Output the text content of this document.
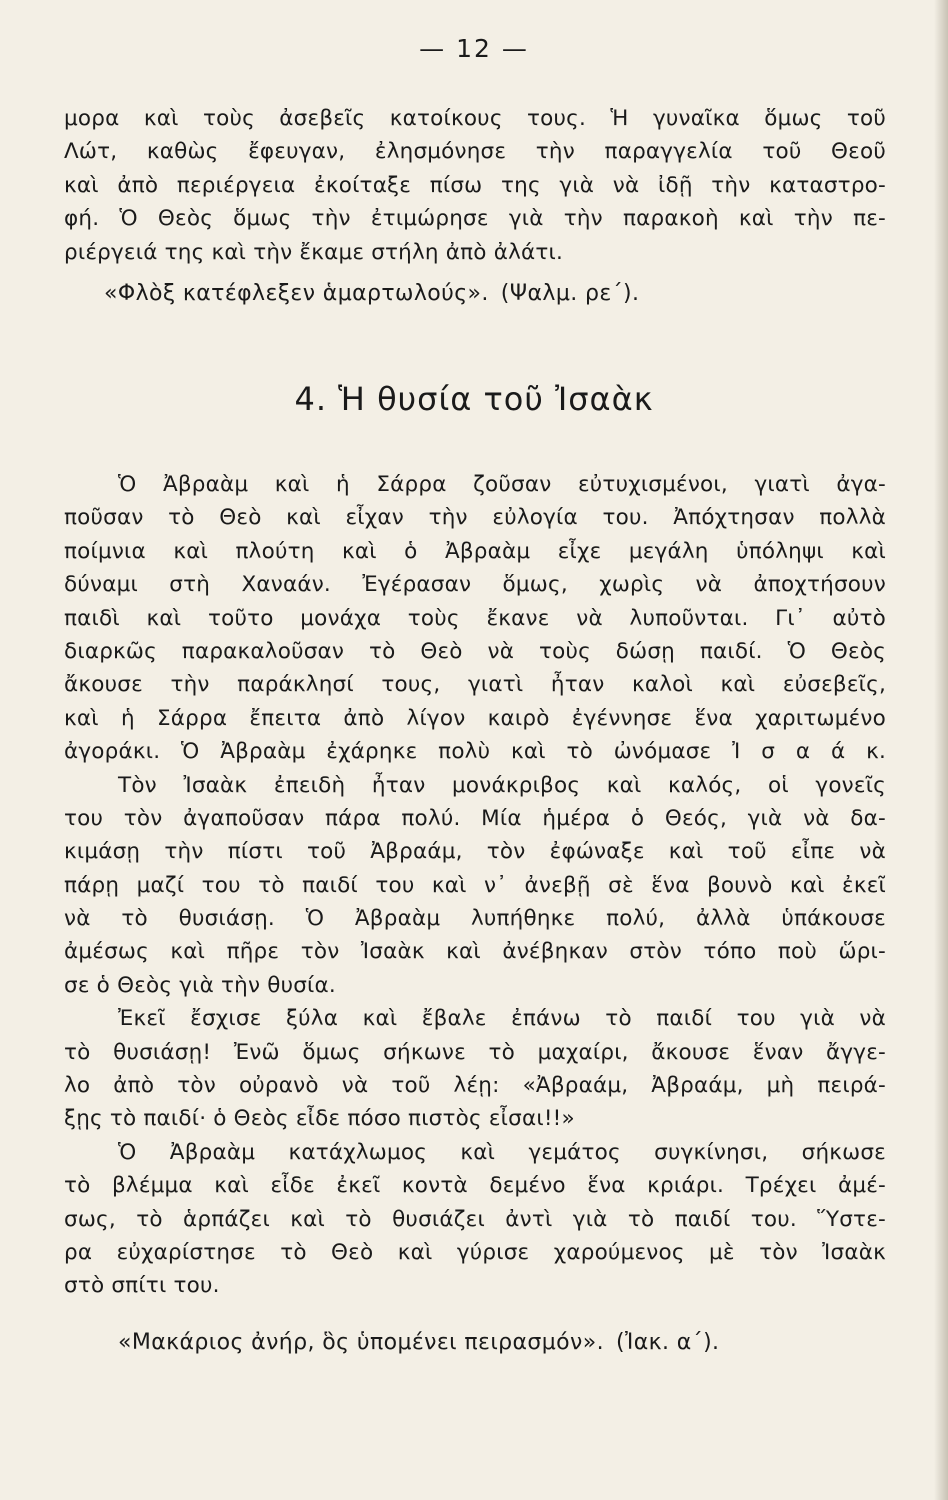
— 12 —
μορα καὶ τοὺς ἀσεβεῖς κατοίκους τους. Ἡ γυναῖκα ὅμως τοῦ
Λώτ, καθὼς ἔφευγαν, ἐλησμόνησε τὴν παραγγελία τοῦ Θεοῦ
καὶ ἀπὸ περιέργεια ἐκοίταξε πίσω της γιὰ νὰ ἰδῇ τὴν καταστρο-
φή. Ὁ Θεὸς ὅμως τὴν ἐτιμώρησε γιὰ τὴν παρακοὴ καὶ τὴν πε-
ριέργειά της καὶ τὴν ἔκαμε στήλη ἀπὸ ἀλάτι.
«Φλὸξ κατέφλεξεν ἁμαρτωλούς». (Ψαλμ. ρε΄).
4. Ἡ θυσία τοῦ Ἰσαὰκ
Ὁ Ἀβραὰμ καὶ ἡ Σάρρα ζοῦσαν εὐτυχισμένοι, γιατὶ ἀγα-
ποῦσαν τὸ Θεὸ καὶ εἶχαν τὴν εὐλογία του. Ἀπόχτησαν πολλὰ
ποίμνια καὶ πλούτη καὶ ὁ Ἀβραὰμ εἶχε μεγάλη ὑπόληψι καὶ
δύναμι στὴ Χαναάν. Ἐγέρασαν ὅμως, χωρὶς νὰ ἀποχτήσουν
παιδὶ καὶ τοῦτο μονάχα τοὺς ἔκανε νὰ λυποῦνται. Γι᾿ αὐτὸ
διαρκῶς παρακαλοῦσαν τὸ Θεὸ νὰ τοὺς δώσῃ παιδί. Ὁ Θεὸς
ἄκουσε τὴν παράκλησί τους, γιατὶ ἦταν καλοὶ καὶ εὐσεβεῖς,
καὶ ἡ Σάρρα ἔπειτα ἀπὸ λίγον καιρὸ ἐγέννησε ἕνα χαριτωμένο
ἀγοράκι. Ὁ Ἀβραὰμ ἐχάρηκε πολὺ καὶ τὸ ὠνόμασε Ἰ σ α ά κ.
Τὸν Ἰσαὰκ ἐπειδὴ ἦταν μονάκριβος καὶ καλός, οἱ γονεῖς
του τὸν ἀγαποῦσαν πάρα πολύ. Μία ἡμέρα ὁ Θεός, γιὰ νὰ δα-
κιμάσῃ τὴν πίστι τοῦ Ἀβραάμ, τὸν ἐφώναξε καὶ τοῦ εἶπε νὰ
πάρῃ μαζί του τὸ παιδί του καὶ ν᾿ ἀνεβῇ σὲ ἕνα βουνὸ καὶ ἐκεῖ
νὰ τὸ θυσιάσῃ. Ὁ Ἀβραὰμ λυπήθηκε πολύ, ἀλλὰ ὑπάκουσε
ἀμέσως καὶ πῆρε τὸν Ἰσαὰκ καὶ ἀνέβηκαν στὸν τόπο ποὺ ὥρι-
σε ὁ Θεὸς γιὰ τὴν θυσία.
Ἐκεῖ ἔσχισε ξύλα καὶ ἔβαλε ἐπάνω τὸ παιδί του γιὰ νὰ
τὸ θυσιάσῃ! Ἐνῶ ὅμως σήκωνε τὸ μαχαίρι, ἄκουσε ἕναν ἄγγε-
λο ἀπὸ τὸν οὐρανὸ νὰ τοῦ λέῃ: «Ἀβραάμ, Ἀβραάμ, μὴ πειρά-
ξῃς τὸ παιδί· ὁ Θεὸς εἶδε πόσο πιστὸς εἶσαι!!»
Ὁ Ἀβραὰμ κατάχλωμος καὶ γεμάτος συγκίνησι, σήκωσε
τὸ βλέμμα καὶ εἶδε ἐκεῖ κοντὰ δεμένο ἕνα κριάρι. Τρέχει ἀμέ-
σως, τὸ ἁρπάζει καὶ τὸ θυσιάζει ἀντὶ γιὰ τὸ παιδί του. Ὕστε-
ρα εὐχαρίστησε τὸ Θεὸ καὶ γύρισε χαρούμενος μὲ τὸν Ἰσαὰκ
στὸ σπίτι του.
«Μακάριος ἀνήρ, ὃς ὑπομένει πειρασμόν». (Ἰακ. α΄).
